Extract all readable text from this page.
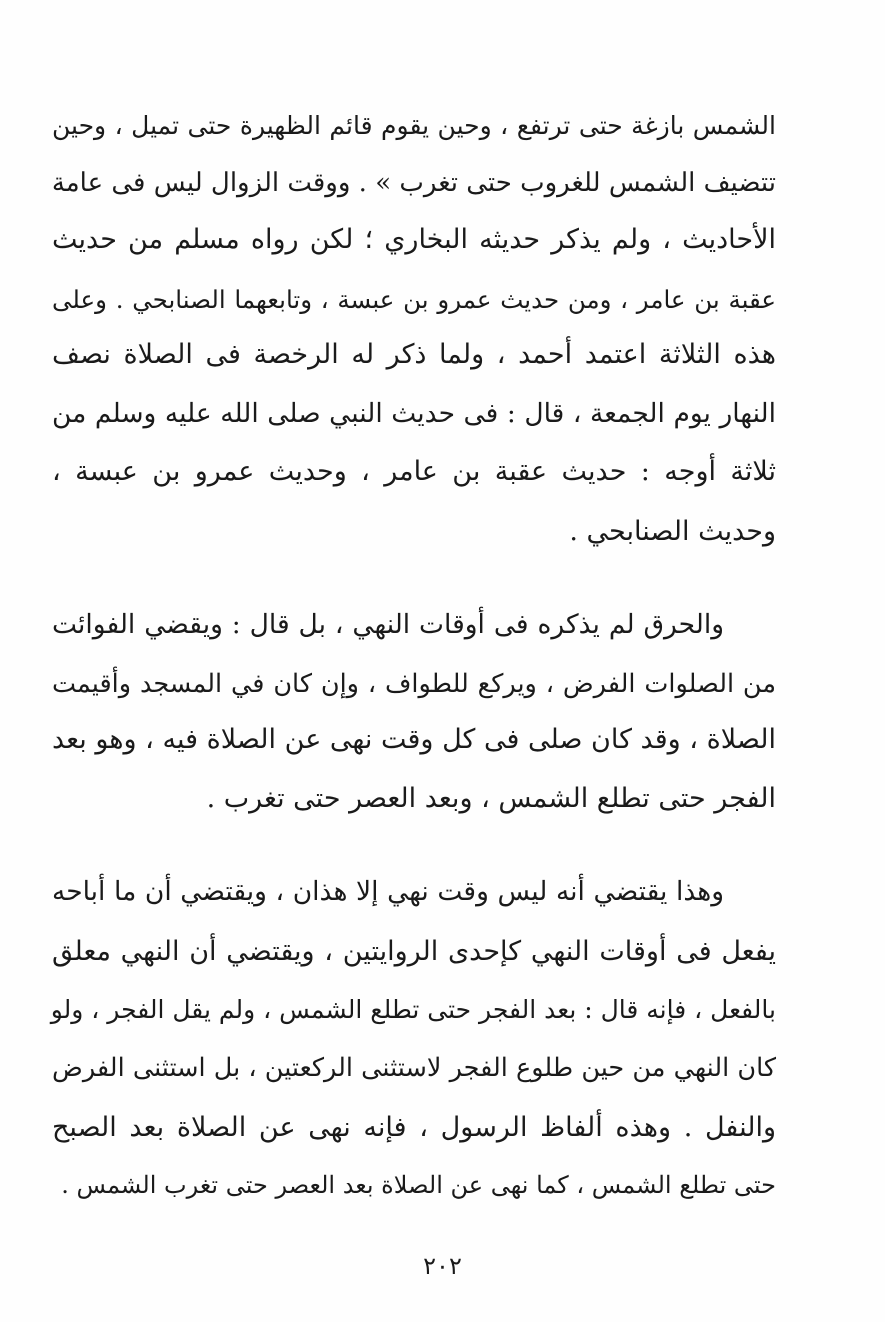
الشمس بازغة حتى ترتفع ، وحين يقوم قائم الظهيرة حتى تميل ، وحين
تتضيف الشمس للغروب حتى تغرب » . ووقت الزوال ليس فى عامة
الأحاديث ، ولم يذكر حديثه البخاري ؛ لكن رواه مسلم من حديث
عقبة بن عامر ، ومن حديث عمرو بن عبسة ، وتابعهما الصنابحي . وعلى
هذه الثلاثة اعتمد أحمد ، ولما ذكر له الرخصة فى الصلاة نصف
النهار يوم الجمعة ، قال : فى حديث النبي صلى الله عليه وسلم من
ثلاثة أوجه : حديث عقبة بن عامر ، وحديث عمرو بن عبسة ،
وحديث الصنابحي .
والحرق لم يذكره فى أوقات النهي ، بل قال : ويقضي الفوائت
من الصلوات الفرض ، ويركع للطواف ، وإن كان في المسجد وأقيمت
الصلاة ، وقد كان صلى فى كل وقت نهى عن الصلاة فيه ، وهو بعد
الفجر حتى تطلع الشمس ، وبعد العصر حتى تغرب .
وهذا يقتضي أنه ليس وقت نهي إلا هذان ، ويقتضي أن ما أباحه
يفعل فى أوقات النهي كإحدى الروايتين ، ويقتضي أن النهي معلق
بالفعل ، فإنه قال : بعد الفجر حتى تطلع الشمس ، ولم يقل الفجر ، ولو
كان النهي من حين طلوع الفجر لاستثنى الركعتين ، بل استثنى الفرض
والنفل . وهذه ألفاظ الرسول ، فإنه نهى عن الصلاة بعد الصبح
حتى تطلع الشمس ، كما نهى عن الصلاة بعد العصر حتى تغرب الشمس .
٢٠٢
